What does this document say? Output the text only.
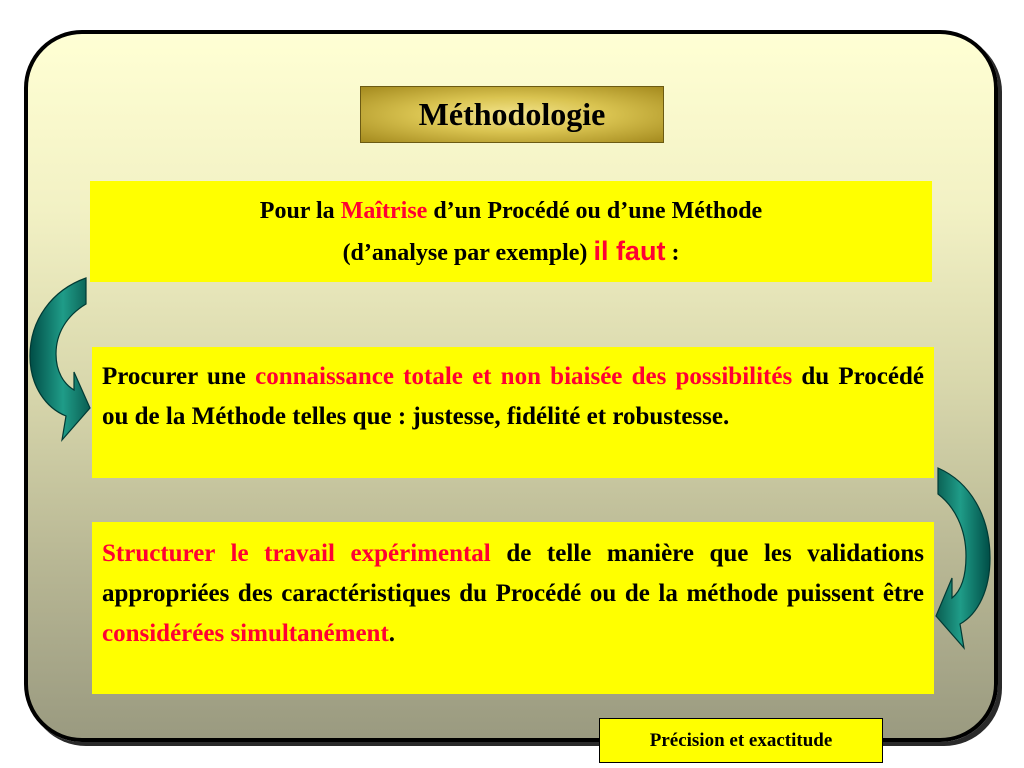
Méthodologie
Pour la Maîtrise d’un Procédé ou d’une Méthode
(d’analyse par exemple) il faut :
Procurer une connaissance totale et non biaisée des possibilités du Procédé ou de la Méthode telles que : justesse, fidélité et robustesse.
Structurer le travail expérimental de telle manière que les validations appropriées des caractéristiques du Procédé ou de la méthode puissent être considérées simultanément.
Précision et exactitude
